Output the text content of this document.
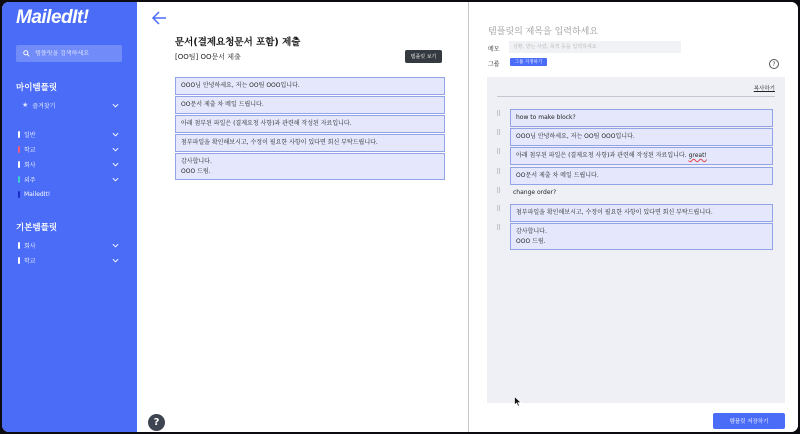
MailedIt!
템플릿을 검색하세요
마이템플릿
★ 즐겨찾기
일반
학교
회사
외주
MailedIt!
기본템플릿
회사
학교
문서(결제요청문서 포함) 제출
[OO팀] OO문서 제출	템플릿 보기
OOO님 안녕하세요, 저는 OO팀 OOO입니다.
OO문서 제출 차 메일 드립니다.
아래 첨부된 파일은 (결제요청 사항)과 관련해 작성된 자료입니다.
첨부파일을 확인해보시고, 수정이 필요한 사항이 있다면 회신 부탁드립니다.
감사합니다.
OOO 드림.
템플릿의 제목을 입력하세요
메모
상황, 받는 사람, 목적 등을 입력하세요
그룹	그룹 지정하기	?
복사하기
⠿	how to make block?
⠿	OOO님 안녕하세요, 저는 OO팀 OOO입니다.
⠿	아래 첨부된 파일은 (결제요청 사항)과 관련해 작성된 자료입니다. great!
⠿	OO문서 제출 차 메일 드립니다.
⠿	change order?
⠿	첨부파일을 확인해보시고, 수정이 필요한 사항이 있다면 회신 부탁드립니다.
⠿	감사합니다.
OOO 드림.
템플릿 저장하기
?
